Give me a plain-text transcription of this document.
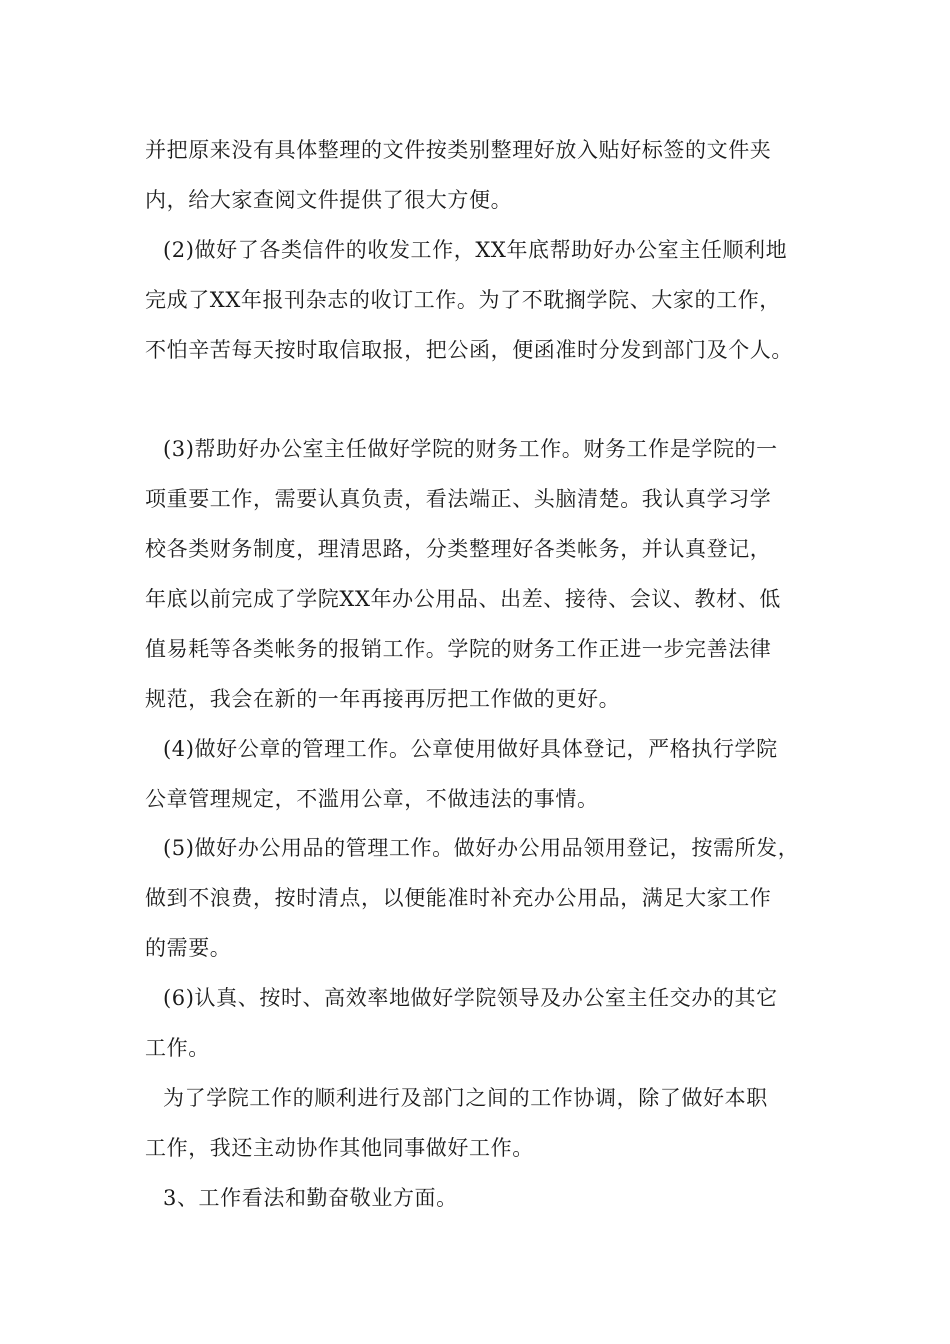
并把原来没有具体整理的文件按类别整理好放入贴好标签的文件夹
内，给大家查阅文件提供了很大方便。
(2)做好了各类信件的收发工作，XX年底帮助好办公室主任顺利地
完成了XX年报刊杂志的收订工作。为了不耽搁学院、大家的工作，
不怕辛苦每天按时取信取报，把公函，便函准时分发到部门及个人。
(3)帮助好办公室主任做好学院的财务工作。财务工作是学院的一
项重要工作，需要认真负责，看法端正、头脑清楚。我认真学习学
校各类财务制度，理清思路，分类整理好各类帐务，并认真登记，
年底以前完成了学院XX年办公用品、出差、接待、会议、教材、低
值易耗等各类帐务的报销工作。学院的财务工作正进一步完善法律
规范，我会在新的一年再接再厉把工作做的更好。
(4)做好公章的管理工作。公章使用做好具体登记，严格执行学院
公章管理规定，不滥用公章，不做违法的事情。
(5)做好办公用品的管理工作。做好办公用品领用登记，按需所发，
做到不浪费，按时清点，以便能准时补充办公用品，满足大家工作
的需要。
(6)认真、按时、高效率地做好学院领导及办公室主任交办的其它
工作。
为了学院工作的顺利进行及部门之间的工作协调，除了做好本职
工作，我还主动协作其他同事做好工作。
3、工作看法和勤奋敬业方面。
